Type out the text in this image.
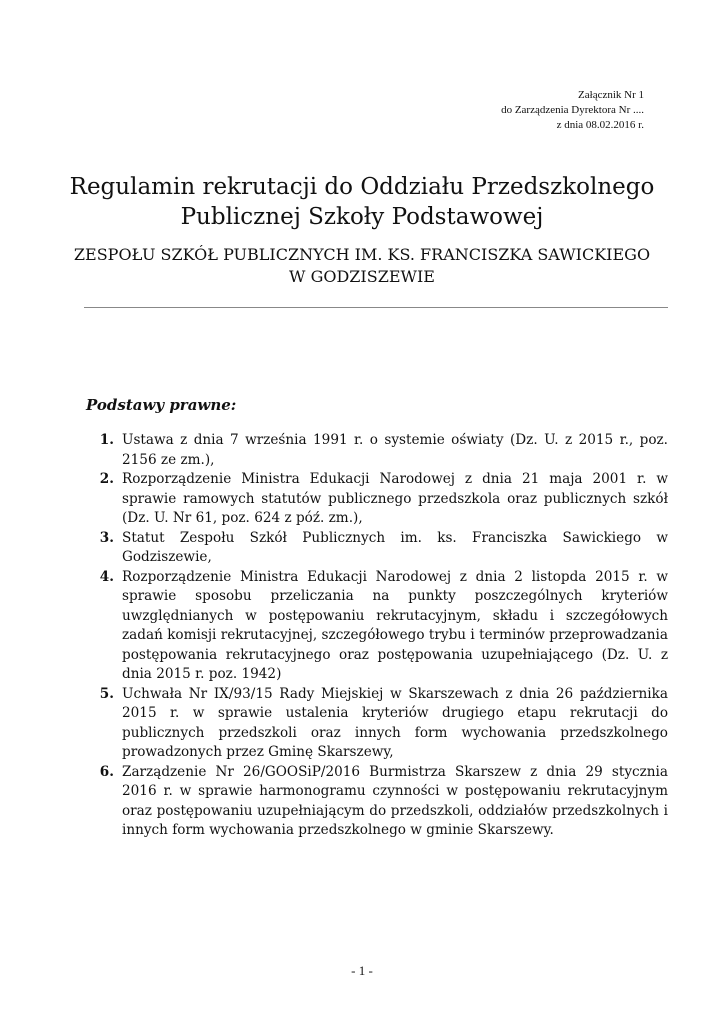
Załącznik Nr 1
do Zarządzenia Dyrektora Nr ....
z dnia 08.02.2016 r.
Regulamin rekrutacji do Oddziału Przedszkolnego
Publicznej Szkoły Podstawowej
ZESPOŁU SZKÓŁ PUBLICZNYCH IM. KS. FRANCISZKA SAWICKIEGO
W GODZISZEWIE
Podstawy prawne:
1. Ustawa z dnia 7 września 1991 r. o systemie oświaty (Dz. U. z 2015 r., poz. 2156 ze zm.),
2. Rozporządzenie Ministra Edukacji Narodowej z dnia 21 maja 2001 r. w sprawie ramowych statutów publicznego przedszkola oraz publicznych szkół (Dz. U. Nr 61, poz. 624 z póź. zm.),
3. Statut Zespołu Szkół Publicznych im. ks. Franciszka Sawickiego w Godziszewie,
4. Rozporządzenie Ministra Edukacji Narodowej z dnia 2 listopda 2015 r. w sprawie sposobu przeliczania na punkty poszczególnych kryteriów uwzględnianych w postępowaniu rekrutacyjnym, składu i szczegółowych zadań komisji rekrutacyjnej, szczegółowego trybu i terminów przeprowadzania postępowania rekrutacyjnego oraz postępowania uzupełniającego (Dz. U. z dnia 2015 r. poz. 1942)
5. Uchwała Nr IX/93/15 Rady Miejskiej w Skarszewach z dnia 26 października 2015 r. w sprawie ustalenia kryteriów drugiego etapu rekrutacji do publicznych przedszkoli oraz innych form wychowania przedszkolnego prowadzonych przez Gminę Skarszewy,
6. Zarządzenie Nr 26/GOOSiP/2016 Burmistrza Skarszew z dnia 29 stycznia 2016 r. w sprawie harmonogramu czynności w postępowaniu rekrutacyjnym oraz postępowaniu uzupełniającym do przedszkoli, oddziałów przedszkolnych i innych form wychowania przedszkolnego w gminie Skarszewy.
- 1 -
